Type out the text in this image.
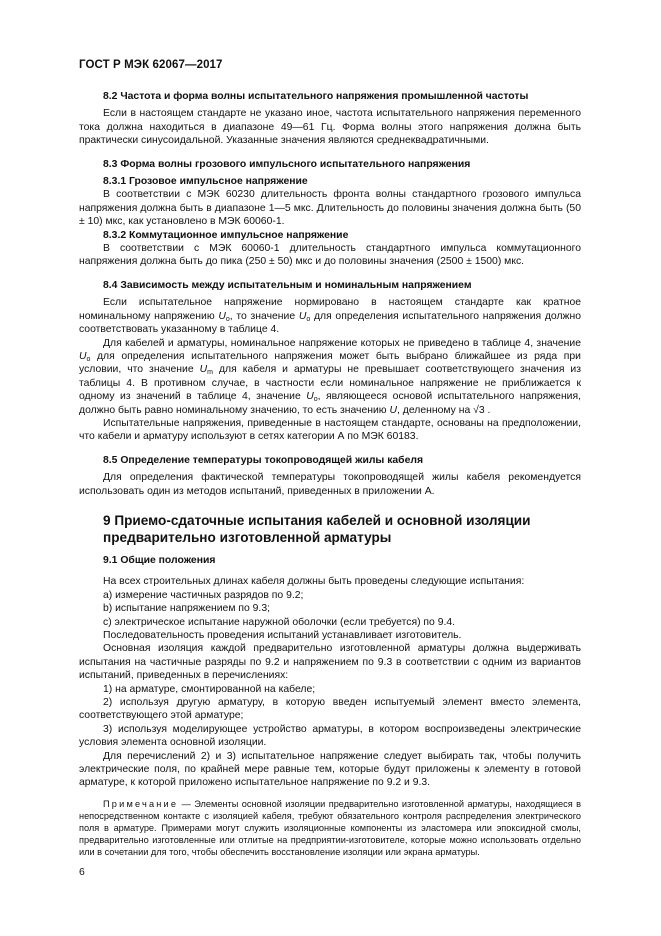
ГОСТ Р МЭК 62067—2017

8.2 Частота и форма волны испытательного напряжения промышленной частоты

Если в настоящем стандарте не указано иное, частота испытательного напряжения переменного тока должна находиться в диапазоне 49—61 Гц. Форма волны этого напряжения должна быть практически синусоидальной. Указанные значения являются среднеквадратичными.

8.3 Форма волны грозового импульсного испытательного напряжения

8.3.1 Грозовое импульсное напряжение

В соответствии с МЭК 60230 длительность фронта волны стандартного грозового импульса напряжения должна быть в диапазоне 1—5 мкс. Длительность до половины значения должна быть (50 ± 10) мкс, как установлено в МЭК 60060-1.

8.3.2 Коммутационное импульсное напряжение

В соответствии с МЭК 60060-1 длительность стандартного импульса коммутационного напряжения должна быть до пика (250 ± 50) мкс и до половины значения (2500 ± 1500) мкс.

8.4 Зависимость между испытательным и номинальным напряжением

Если испытательное напряжение нормировано в настоящем стандарте как кратное номинальному напряжению $U_o$, то значение $U_o$ для определения испытательного напряжения должно соответствовать указанному в таблице 4.

Для кабелей и арматуры, номинальное напряжение которых не приведено в таблице 4, значение $U_o$ для определения испытательного напряжения может быть выбрано ближайшее из ряда при условии, что значение $U_m$ для кабеля и арматуры не превышает соответствующего значения из таблицы 4. В противном случае, в частности если номинальное напряжение не приближается к одному из значений в таблице 4, значение $U_o$, являющееся основой испытательного напряжения, должно быть равно номинальному значению, то есть значению U, деленному на √3 .

Испытательные напряжения, приведенные в настоящем стандарте, основаны на предположении, что кабели и арматуру используют в сетях категории А по МЭК 60183.

8.5 Определение температуры токопроводящей жилы кабеля

Для определения фактической температуры токопроводящей жилы кабеля рекомендуется использовать один из методов испытаний, приведенных в приложении А.

9 Приемо-сдаточные испытания кабелей и основной изоляции
предварительно изготовленной арматуры

9.1 Общие положения

На всех строительных длинах кабеля должны быть проведены следующие испытания:

a) измерение частичных разрядов по 9.2;

b) испытание напряжением по 9.3;

c) электрическое испытание наружной оболочки (если требуется) по 9.4.

Последовательность проведения испытаний устанавливает изготовитель.

Основная изоляция каждой предварительно изготовленной арматуры должна выдерживать испытания на частичные разряды по 9.2 и напряжением по 9.3 в соответствии с одним из вариантов испытаний, приведенных в перечислениях:

1) на арматуре, смонтированной на кабеле;

2) используя другую арматуру, в которую введен испытуемый элемент вместо элемента, соответствующего этой арматуре;

3) используя моделирующее устройство арматуры, в котором воспроизведены электрические условия элемента основной изоляции.

Для перечислений 2) и 3) испытательное напряжение следует выбирать так, чтобы получить электрические поля, по крайней мере равные тем, которые будут приложены к элементу в готовой арматуре, к которой приложено испытательное напряжение по 9.2 и 9.3.

Примечание — Элементы основной изоляции предварительно изготовленной арматуры, находящиеся в непосредственном контакте с изоляцией кабеля, требуют обязательного контроля распределения электрического поля в арматуре. Примерами могут служить изоляционные компоненты из эластомера или эпоксидной смолы, предварительно изготовленные или отлитые на предприятии-изготовителе, которые можно использовать отдельно или в сочетании для того, чтобы обеспечить восстановление изоляции или экрана арматуры.

6
